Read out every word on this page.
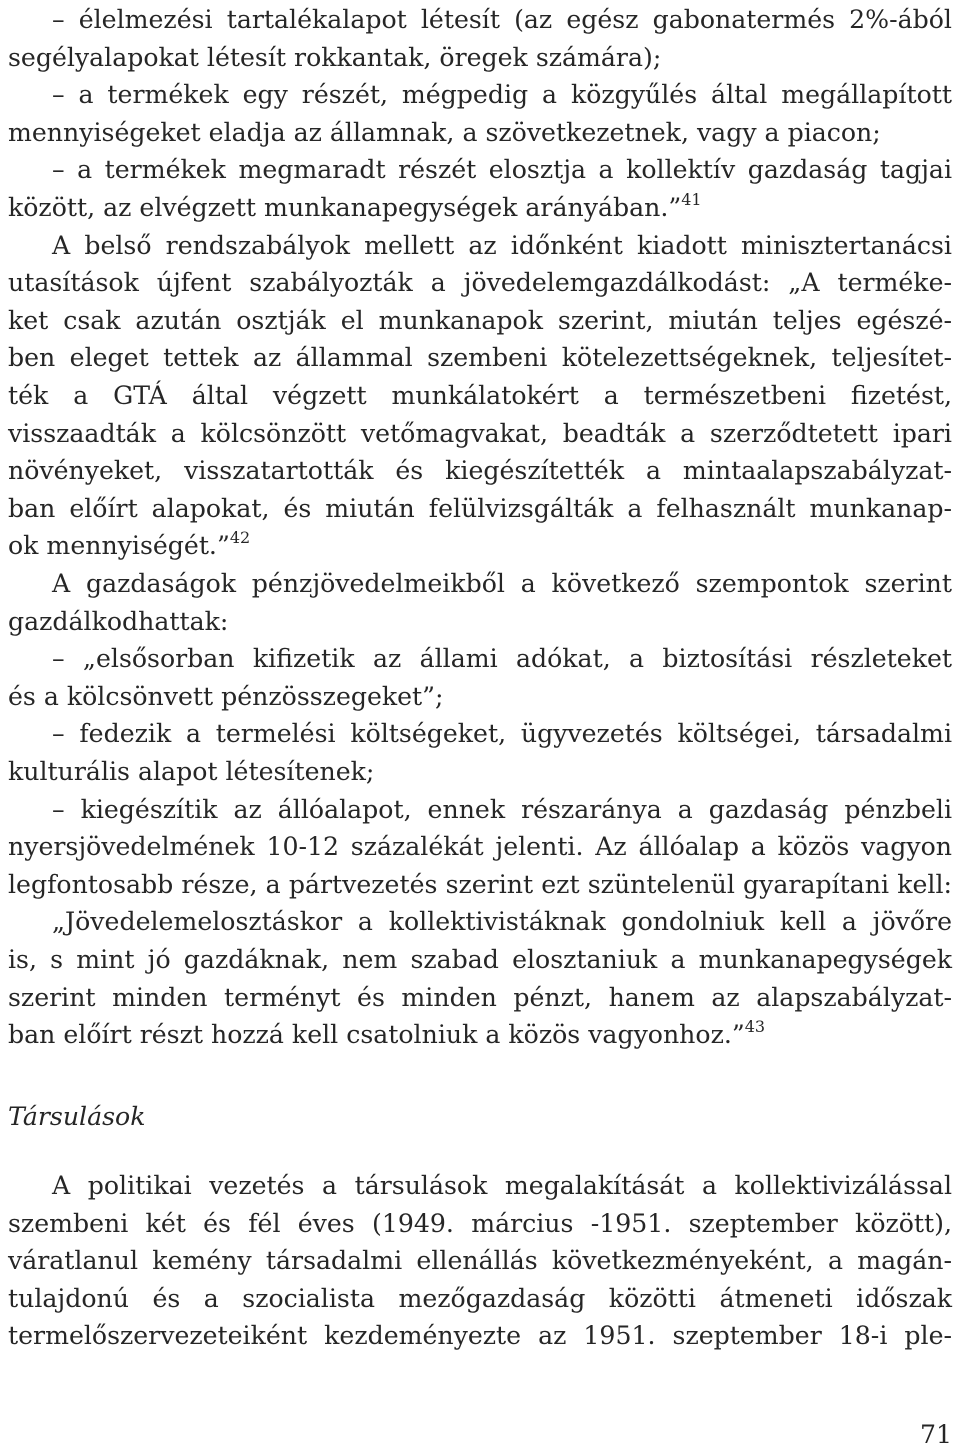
– élelmezési tartalékalapot létesít (az egész gabonatermés 2%-ából
segélyalapokat létesít rokkantak, öregek számára);
– a termékek egy részét, mégpedig a közgyűlés által megállapított
mennyiségeket eladja az államnak, a szövetkezetnek, vagy a piacon;
– a termékek megmaradt részét elosztja a kollektív gazdaság tagjai
között, az elvégzett munkanapegységek arányában.”$^{41}$
A belső rendszabályok mellett az időnként kiadott minisztertanácsi
utasítások újfent szabályozták a jövedelemgazdálkodást: „A terméke-
ket csak azután osztják el munkanapok szerint, miután teljes egészé-
ben eleget tettek az állammal szembeni kötelezettségeknek, teljesítet-
ték a GTÁ által végzett munkálatokért a természetbeni fizetést,
visszaadták a kölcsönzött vetőmagvakat, beadták a szerződtetett ipari
növényeket, visszatartották és kiegészítették a mintaalapszabályzat-
ban előírt alapokat, és miután felülvizsgálták a felhasznált munkanap-
ok mennyiségét.”$^{42}$
A gazdaságok pénzjövedelmeikből a következő szempontok szerint
gazdálkodhattak:
– „elsősorban kifizetik az állami adókat, a biztosítási részleteket
és a kölcsönvett pénzösszegeket”;
– fedezik a termelési költségeket, ügyvezetés költségei, társadalmi
kulturális alapot létesítenek;
– kiegészítik az állóalapot, ennek részaránya a gazdaság pénzbeli
nyersjövedelmének 10-12 százalékát jelenti. Az állóalap a közös vagyon
legfontosabb része, a pártvezetés szerint ezt szüntelenül gyarapítani kell:
„Jövedelemelosztáskor a kollektivistáknak gondolniuk kell a jövőre
is, s mint jó gazdáknak, nem szabad elosztaniuk a munkanapegységek
szerint minden terményt és minden pénzt, hanem az alapszabályzat-
ban előírt részt hozzá kell csatolniuk a közös vagyonhoz.”$^{43}$
Társulások
A politikai vezetés a társulások megalakítását a kollektivizálással
szembeni két és fél éves (1949. március -1951. szeptember között),
váratlanul kemény társadalmi ellenállás következményeként, a magán-
tulajdonú és a szocialista mezőgazdaság közötti átmeneti időszak
termelőszervezeteiként kezdeményezte az 1951. szeptember 18-i ple-
71
